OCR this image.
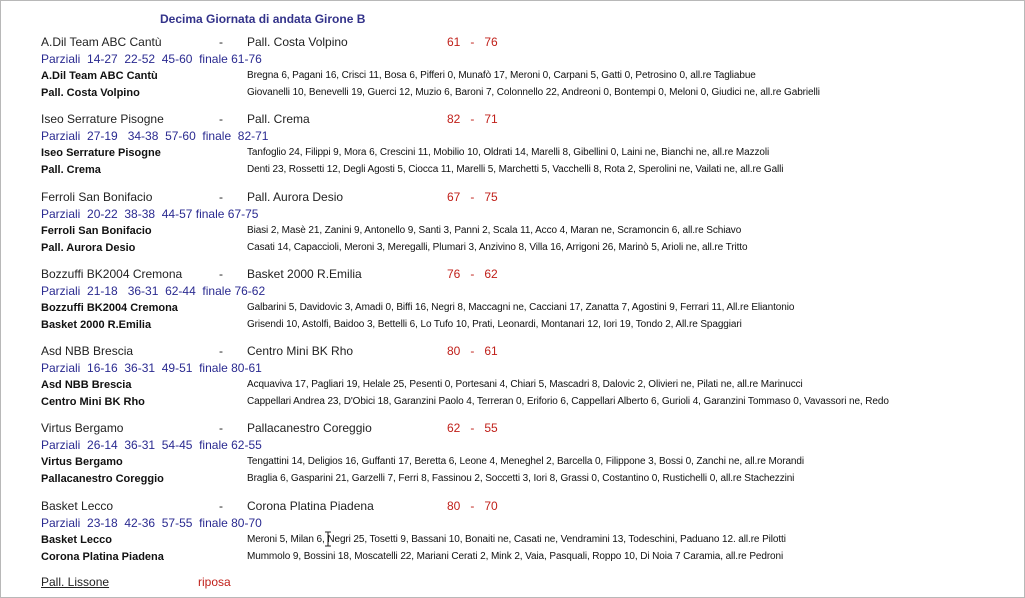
Decima Giornata di andata Girone B
A.Dil Team ABC Cantù	- Pall. Costa Volpino	61   -   76
Parziali  14-27  22-52  45-60  finale 61-76
A.Dil Team ABC Cantù	Bregna 6, Pagani 16, Crisci 11, Bosa 6, Pifferi 0, Munafò 17, Meroni 0, Carpani 5, Gatti 0, Petrosino 0, all.re Tagliabue
Pall. Costa Volpino	Giovanelli 10, Benevelli 19, Guerci 12, Muzio 6, Baroni 7, Colonnello 22, Andreoni 0, Bontempi 0, Meloni 0, Giudici ne, all.re Gabrielli
Iseo Serrature Pisogne	- Pall. Crema	82   -   71
Parziali  27-19   34-38  57-60  finale  82-71
Iseo Serrature Pisogne	Tanfoglio 24, Filippi 9, Mora 6, Crescini 11, Mobilio 10, Oldrati 14, Marelli 8, Gibellini 0, Laini ne, Bianchi ne, all.re Mazzoli
Pall. Crema	Denti 23, Rossetti 12, Degli Agosti 5, Ciocca 11, Marelli 5, Marchetti 5, Vacchelli 8, Rota 2, Sperolini ne, Vailati ne, all.re Galli
Ferroli San Bonifacio	- Pall. Aurora Desio	67   -   75
Parziali  20-22  38-38  44-57 finale 67-75
Ferroli San Bonifacio	Biasi 2, Masè 21, Zanini 9, Antonello 9, Santi 3, Panni 2, Scala 11, Acco 4, Maran ne, Scramoncin 6, all.re Schiavo
Pall. Aurora Desio	Casati 14, Capaccioli, Meroni 3, Meregalli, Plumari 3, Anzivino 8, Villa 16, Arrigoni 26, Marinò 5, Arioli ne, all.re Tritto
Bozzuffi BK2004 Cremona	- Basket 2000 R.Emilia	76   -   62
Parziali  21-18   36-31  62-44  finale 76-62
Bozzuffi BK2004 Cremona	Galbarini 5, Davidovic 3, Amadi 0, Biffi 16, Negri 8, Maccagni ne, Cacciani 17, Zanatta 7, Agostini 9, Ferrari 11, All.re Eliantonio
Basket 2000 R.Emilia	Grisendi 10, Astolfi, Baidoo 3, Bettelli 6, Lo Tufo 10, Prati, Leonardi, Montanari 12, Iori 19, Tondo 2, All.re Spaggiari
Asd NBB Brescia	- Centro Mini BK Rho	80   -   61
Parziali  16-16  36-31  49-51  finale 80-61
Asd NBB Brescia	Acquaviva 17, Pagliari 19, Helale 25, Pesenti 0, Portesani 4, Chiari 5, Mascadri 8, Dalovic 2, Olivieri ne, Pilati ne, all.re Marinucci
Centro Mini BK Rho	Cappellari Andrea 23, D'Obici 18, Garanzini Paolo 4, Terreran 0, Eriforio 6, Cappellari Alberto 6, Gurioli 4, Garanzini Tommaso 0, Vavassori ne, Redo
Virtus Bergamo	- Pallacanestro Coreggio	62   -   55
Parziali  26-14  36-31  54-45  finale 62-55
Virtus Bergamo	Tengattini 14, Deligios 16, Guffanti 17, Beretta 6, Leone 4, Meneghel 2, Barcella 0, Filippone 3, Bossi 0, Zanchi ne, all.re Morandi
Pallacanestro Coreggio	Braglia 6, Gasparini 21, Garzelli 7, Ferri 8, Fassinou 2, Soccetti 3, Iori 8, Grassi 0, Costantino 0, Rustichelli 0, all.re Stachezzini
Basket Lecco	- Corona Platina Piadena	80   -   70
Parziali  23-18  42-36  57-55  finale 80-70
Basket Lecco	Meroni 5, Milan 6, Negri 25, Tosetti 9, Bassani 10, Bonaiti ne, Casati ne, Vendramini 13, Todeschini, Paduano 12. all.re Pilotti
Corona Platina Piadena	Mummolo 9, Bossini 18, Moscatelli 22, Mariani Cerati 2, Mink 2, Vaia, Pasquali, Roppo 10, Di Noia 7 Caramia, all.re Pedroni
Pall. Lissone	riposa
